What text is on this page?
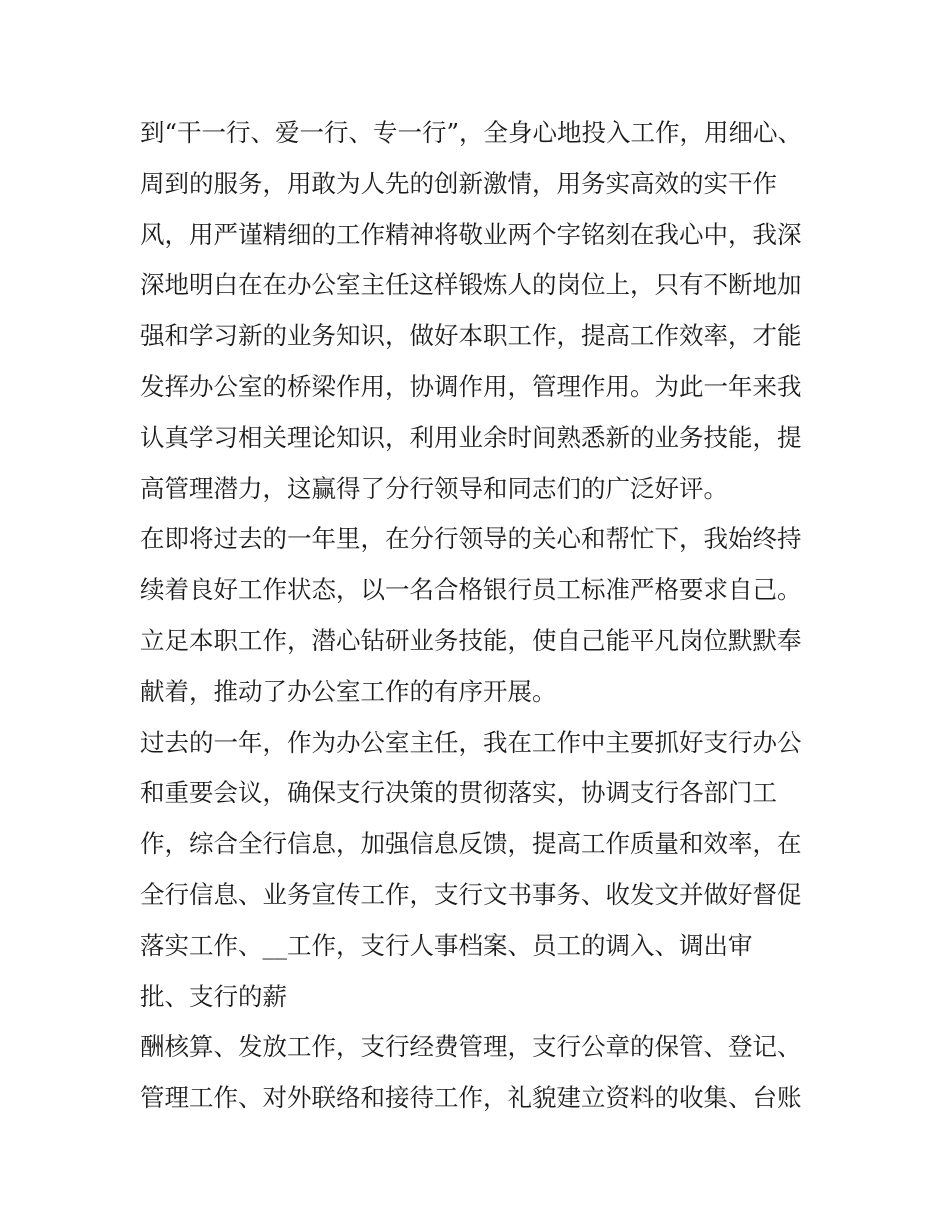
到“干一行、爱一行、专一行”，全身心地投入工作，用细心、
周到的服务，用敢为人先的创新激情，用务实高效的实干作
风，用严谨精细的工作精神将敬业两个字铭刻在我心中，我深
深地明白在在办公室主任这样锻炼人的岗位上，只有不断地加
强和学习新的业务知识，做好本职工作，提高工作效率，才能
发挥办公室的桥梁作用，协调作用，管理作用。为此一年来我
认真学习相关理论知识，利用业余时间熟悉新的业务技能，提
高管理潜力，这赢得了分行领导和同志们的广泛好评。
在即将过去的一年里，在分行领导的关心和帮忙下，我始终持
续着良好工作状态，以一名合格银行员工标准严格要求自己。
立足本职工作，潜心钻研业务技能，使自己能平凡岗位默默奉
献着，推动了办公室工作的有序开展。
过去的一年，作为办公室主任，我在工作中主要抓好支行办公
和重要会议，确保支行决策的贯彻落实，协调支行各部门工
作，综合全行信息，加强信息反馈，提高工作质量和效率，在
全行信息、业务宣传工作，支行文书事务、收发文并做好督促
落实工作、__工作，支行人事档案、员工的调入、调出审
批、支行的薪
酬核算、发放工作，支行经费管理，支行公章的保管、登记、
管理工作、对外联络和接待工作，礼貌建立资料的收集、台账
